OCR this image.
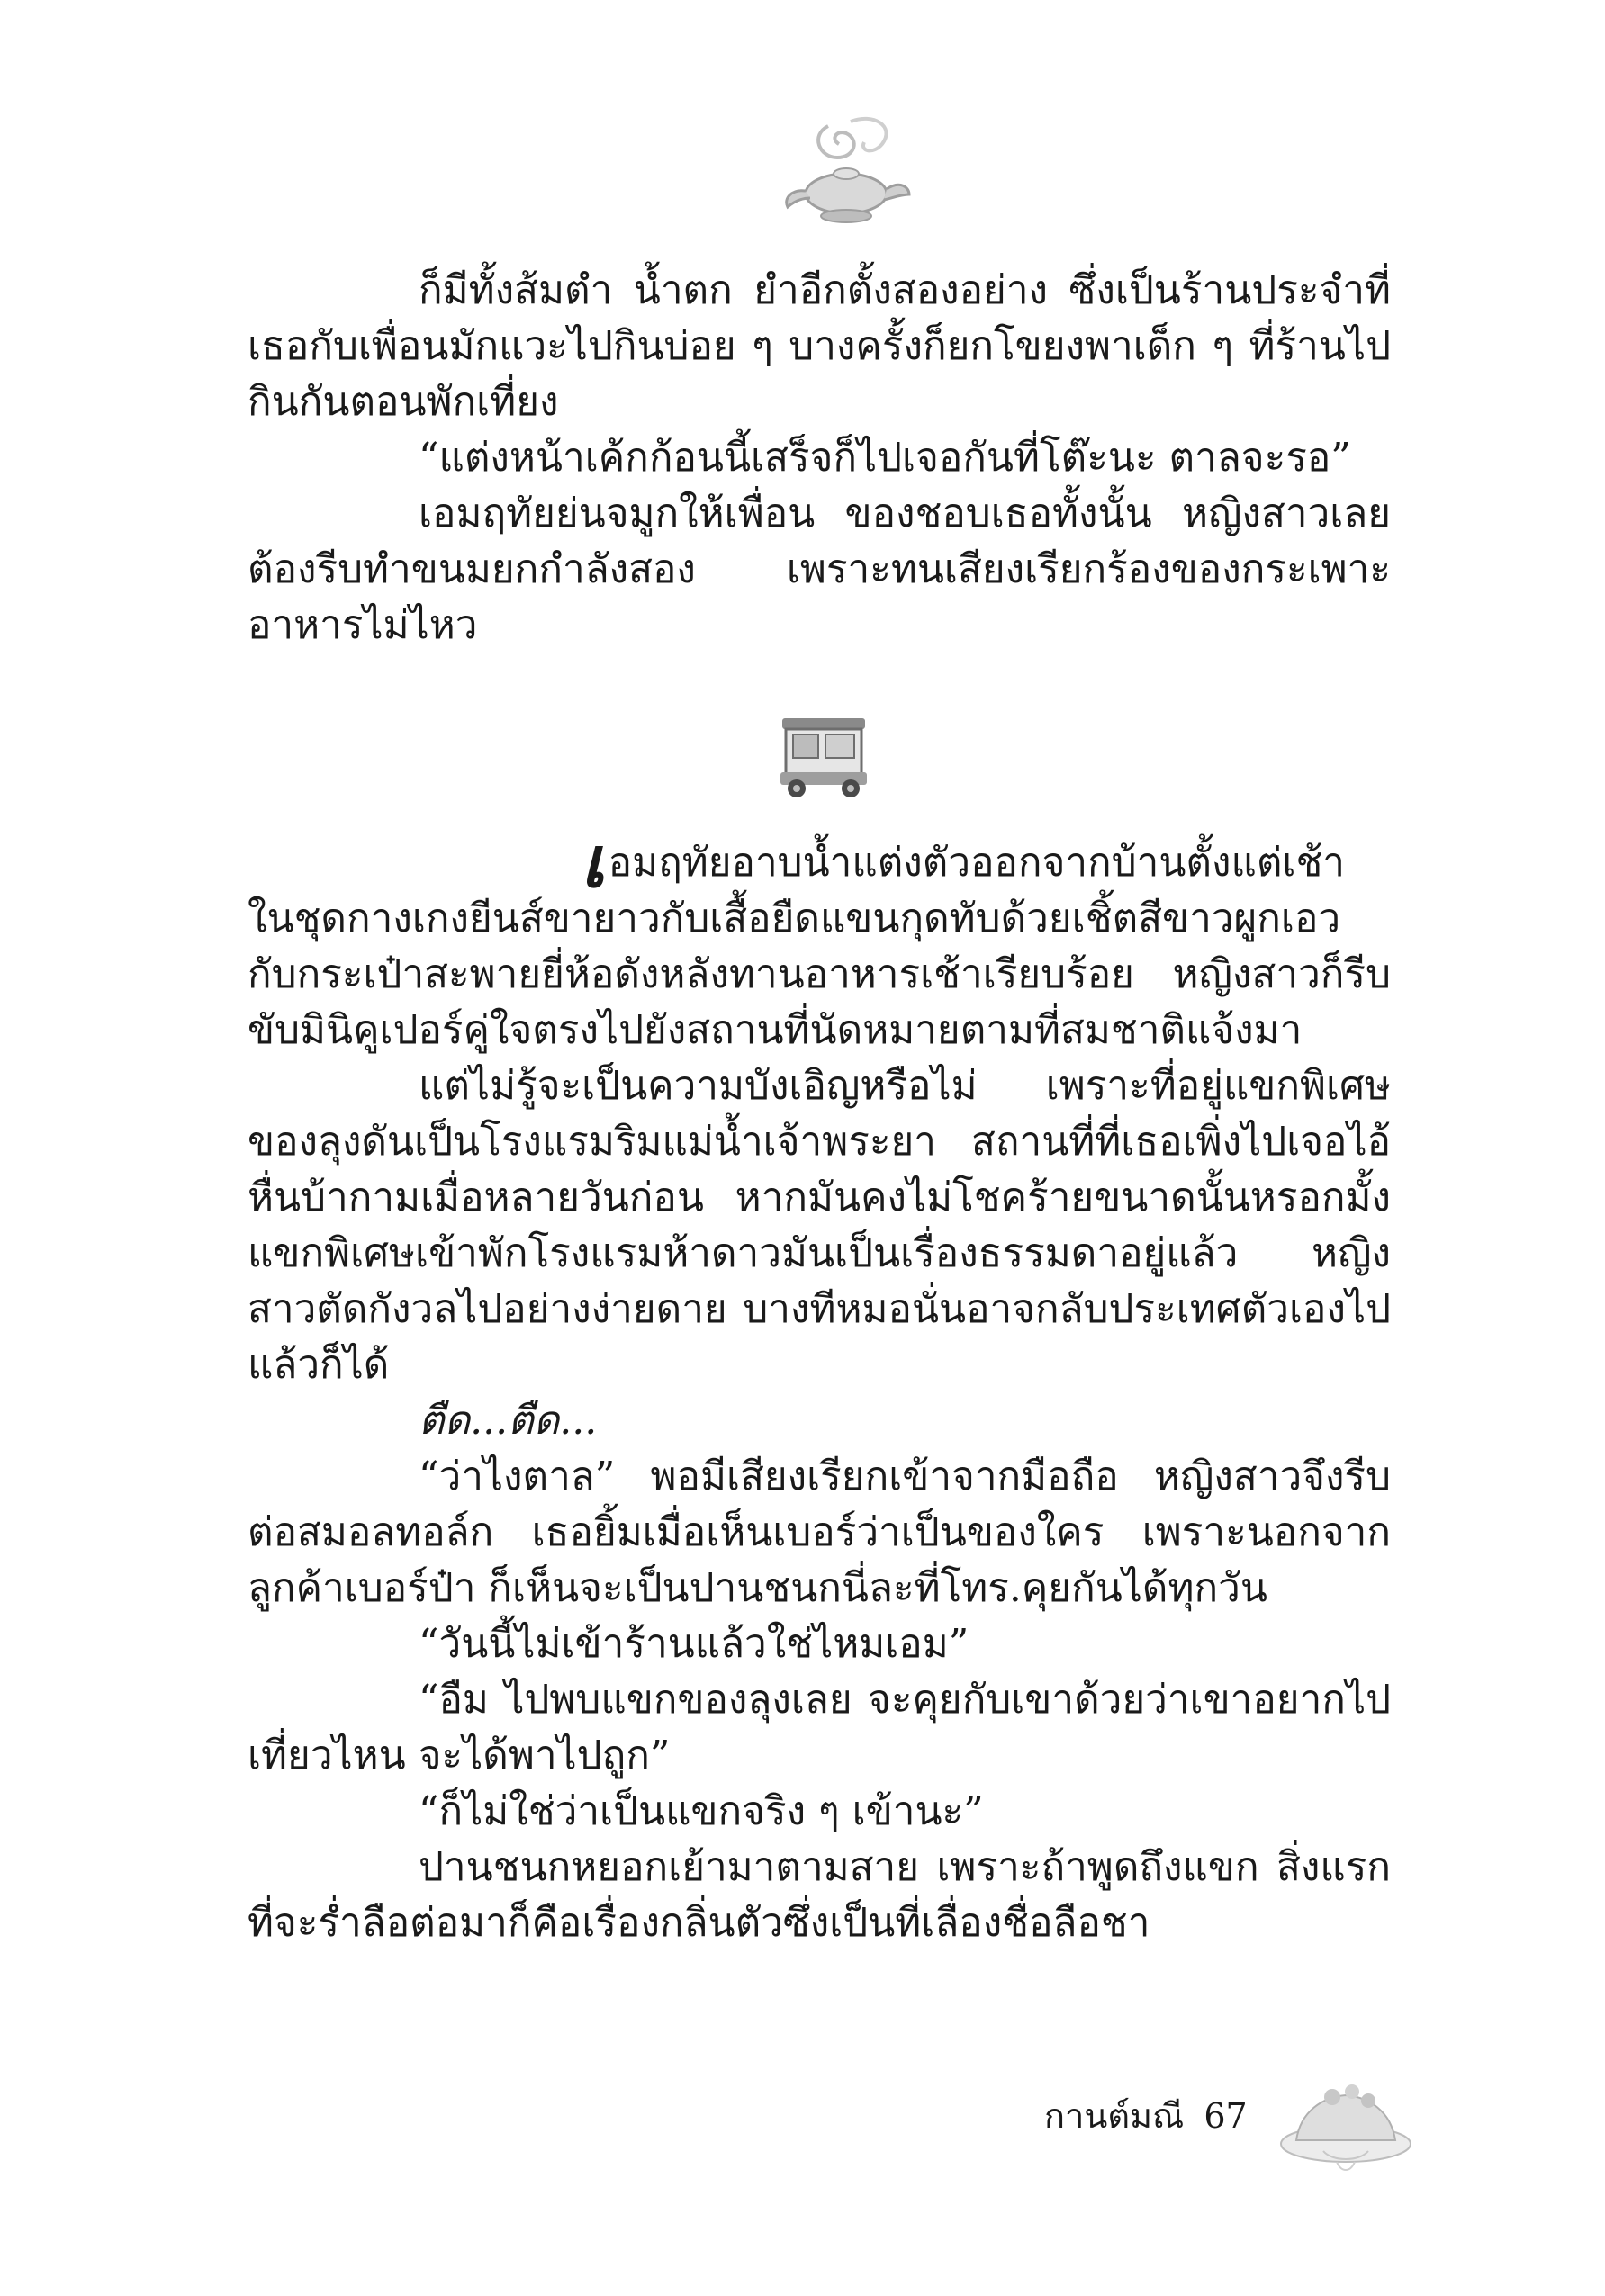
ก็มีทั้งส้มตำ น้ำตก ยำอีกตั้งสองอย่าง ซึ่งเป็นร้านประจำที่เธอกับเพื่อนมักแวะไปกินบ่อย ๆ บางครั้งก็ยกโขยงพาเด็ก ๆ ที่ร้านไปกินกันตอนพักเที่ยง

“แต่งหน้าเค้กก้อนนี้เสร็จก็ไปเจอกันที่โต๊ะนะ ตาลจะรอ”

เอมฤทัยย่นจมูกให้เพื่อน ของชอบเธอทั้งนั้น หญิงสาวเลยต้องรีบทำขนมยกกำลังสอง เพราะทนเสียงเรียกร้องของกระเพาะอาหารไม่ไหว

เอมฤทัยอาบน้ำแต่งตัวออกจากบ้านตั้งแต่เช้าในชุดกางเกงยีนส์ขายาวกับเสื้อยืดแขนกุดทับด้วยเชิ้ตสีขาวผูกเอว กับกระเป๋าสะพายยี่ห้อดังหลังทานอาหารเช้าเรียบร้อย หญิงสาวก็รีบขับมินิคูเปอร์คู่ใจตรงไปยังสถานที่นัดหมายตามที่สมชาติแจ้งมา

แต่ไม่รู้จะเป็นความบังเอิญหรือไม่ เพราะที่อยู่แขกพิเศษของลุงดันเป็นโรงแรมริมแม่น้ำเจ้าพระยา สถานที่ที่เธอเพิ่งไปเจอไอ้หื่นบ้ากามเมื่อหลายวันก่อน หากมันคงไม่โชคร้ายขนาดนั้นหรอกมั้ง แขกพิเศษเข้าพักโรงแรมห้าดาวมันเป็นเรื่องธรรมดาอยู่แล้ว หญิงสาวตัดกังวลไปอย่างง่ายดาย บางทีหมอนั่นอาจกลับประเทศตัวเองไปแล้วก็ได้

ตืด...ตืด...

“ว่าไงตาล” พอมีเสียงเรียกเข้าจากมือถือ หญิงสาวจึงรีบต่อสมอลทอล์ก เธอยิ้มเมื่อเห็นเบอร์ว่าเป็นของใคร เพราะนอกจากลูกค้าเบอร์ป๋า ก็เห็นจะเป็นปานชนกนี่ละที่โทร.คุยกันได้ทุกวัน

“วันนี้ไม่เข้าร้านแล้วใช่ไหมเอม”

“อืม ไปพบแขกของลุงเลย จะคุยกับเขาด้วยว่าเขาอยากไปเที่ยวไหน จะได้พาไปถูก”

“ก็ไม่ใช่ว่าเป็นแขกจริง ๆ เข้านะ”

ปานชนกหยอกเย้ามาตามสาย เพราะถ้าพูดถึงแขก สิ่งแรกที่จะร่ำลือต่อมาก็คือเรื่องกลิ่นตัวซึ่งเป็นที่เลื่องชื่อลือชา

กานต์มณี 67
